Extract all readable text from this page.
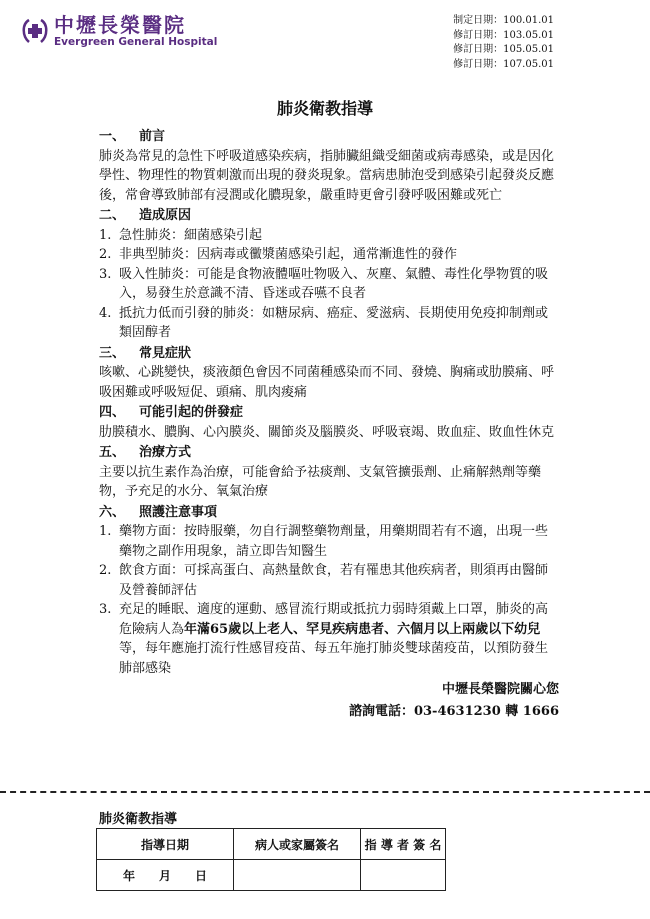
中壢長榮醫院
Evergreen General Hospital
制定日期：100.01.01
修訂日期：103.05.01
修訂日期：105.05.01
修訂日期：107.05.01
肺炎衛教指導
一、 前言
肺炎為常見的急性下呼吸道感染疾病，指肺臟組織受細菌或病毒感染，或是因化學性、物理性的物質刺激而出現的發炎現象。當病患肺泡受到感染引起發炎反應後，常會導致肺部有浸潤或化膿現象，嚴重時更會引發呼吸困難或死亡
二、 造成原因
1. 急性肺炎：細菌感染引起
2. 非典型肺炎：因病毒或黴漿菌感染引起，通常漸進性的發作
3. 吸入性肺炎：可能是食物液體嘔吐物吸入、灰塵、氣體、毒性化學物質的吸入，易發生於意識不清、昏迷或吞嚥不良者
4. 抵抗力低而引發的肺炎：如糖尿病、癌症、愛滋病、長期使用免疫抑制劑或類固醇者
三、 常見症狀
咳嗽、心跳變快，痰液顏色會因不同菌種感染而不同、發燒、胸痛或肋膜痛、呼吸困難或呼吸短促、頭痛、肌肉痠痛
四、 可能引起的併發症
肋膜積水、膿胸、心內膜炎、關節炎及腦膜炎、呼吸衰竭、敗血症、敗血性休克
五、 治療方式
主要以抗生素作為治療，可能會給予祛痰劑、支氣管擴張劑、止痛解熱劑等藥物，予充足的水分、氧氣治療
六、 照護注意事項
1. 藥物方面：按時服藥，勿自行調整藥物劑量，用藥期間若有不適，出現一些藥物之副作用現象，請立即告知醫生
2. 飲食方面：可採高蛋白、高熱量飲食，若有罹患其他疾病者，則須再由醫師及營養師評估
3. 充足的睡眠、適度的運動、感冒流行期或抵抗力弱時須戴上口罩，肺炎的高危險病人為年滿65歲以上老人、罕見疾病患者、六個月以上兩歲以下幼兒等，每年應施打流行性感冒疫苗、每五年施打肺炎雙球菌疫苗，以預防發生肺部感染
中壢長榮醫院關心您
諮詢電話：03-4631230 轉 1666
肺炎衛教指導
指導日期	病人或家屬簽名	指 導 者 簽 名
年　　月　　日		
